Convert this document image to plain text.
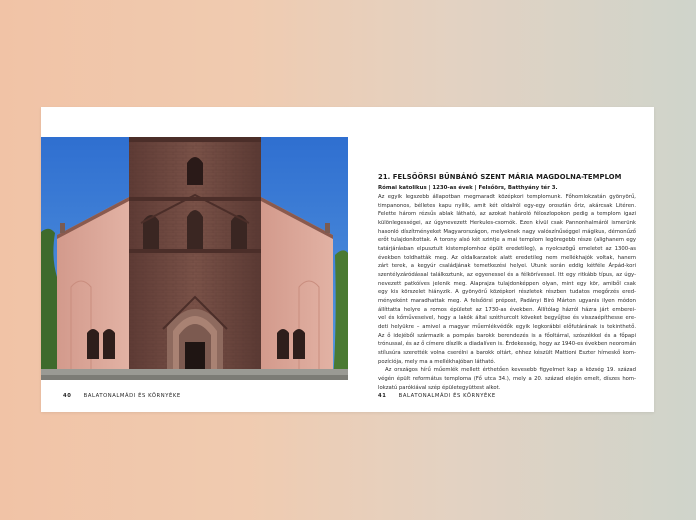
40 BALATONALMÁDI ÉS KÖRNYÉKE
21. FELSŐÖRSI BŰNBÁNÓ SZENT MÁRIA MAGDOLNA-TEMPLOM
Római katolikus | 1230-as évek | Felsőörs, Batthyány tér 3.
Az egyik legszebb állapotban megmaradt középkori templomunk. Főhomlokzatán gyönyörű,
timpanonos, bélletes kapu nyílik, amit két oldalról egy-egy oroszlán őriz, akárcsak Litéren.
Felette három rézsűs ablak látható, az azokat határoló féloszlopokon pedig a templom igazi
különlegességei, az úgynevezett Herkules-csomók. Ezen kívül csak Pannonhalmáról ismerünk
hasonló díszítményeket Magyarországon, melyeknek nagy valószínűséggel mágikus, démonűző
erőt tulajdonítottak. A torony alsó két szintje a mai templom legöregebb része (alighanem egy
tatárjárásban elpusztult kistemplomhoz épült eredetileg), a nyolcszögű emeletet az 1300-as
években toldhatták meg. Az oldalkarzatok alatt eredetileg nem mellékhajók voltak, hanem
zárt terek, a kegyúr családjának temetkezési helyei. Utunk során eddig kétféle Árpád-kori
szentélyzáródással találkoztunk, az egyenessel és a félkörívessel. Itt egy ritkább típus, az úgy-
nevezett patkóíves jelenik meg. Alaprajza tulajdonképpen olyan, mint egy kör, amiből csak
egy kis körszelet hiányzik. A gyönyörű középkori részletek részben tudatos megőrzés ered-
ményeként maradhattak meg. A felsőörsi prépost, Padányi Biró Márton ugyanis ilyen módon
állíttatta helyre a romos épületet az 1730-as években. Állítólag házról házra járt emberei-
vel és kőműveseivel, hogy a lakók által széthurcolt köveket begyűjtse és visszaépíthesse ere-
deti helyükre – amivel a magyar műemlékvédők egyik legkorábbi előfutárának is tekinthető.
Az ő idejéből származik a pompás barokk berendezés is a főoltárral, szószékkel és a főpapi
trónussal, és az ő címere díszlik a diadalíven is. Érdekesség, hogy az 1940-es években neoromán
stílusúra szerették volna cserélni a barokk oltárt, ehhez készült Mattioni Eszter hímeskő kom-
pozíciója, mely ma a mellékhajóban látható.
Az országos hírű műemlék mellett érthetően kevesebb figyelmet kap a község 19. század
végén épült református temploma (Fő utca 34.), mely a 20. század elején emelt, díszes hom-
lokzatú parókiával szép épületegyüttest alkot.
41 BALATONALMÁDI ÉS KÖRNYÉKE
